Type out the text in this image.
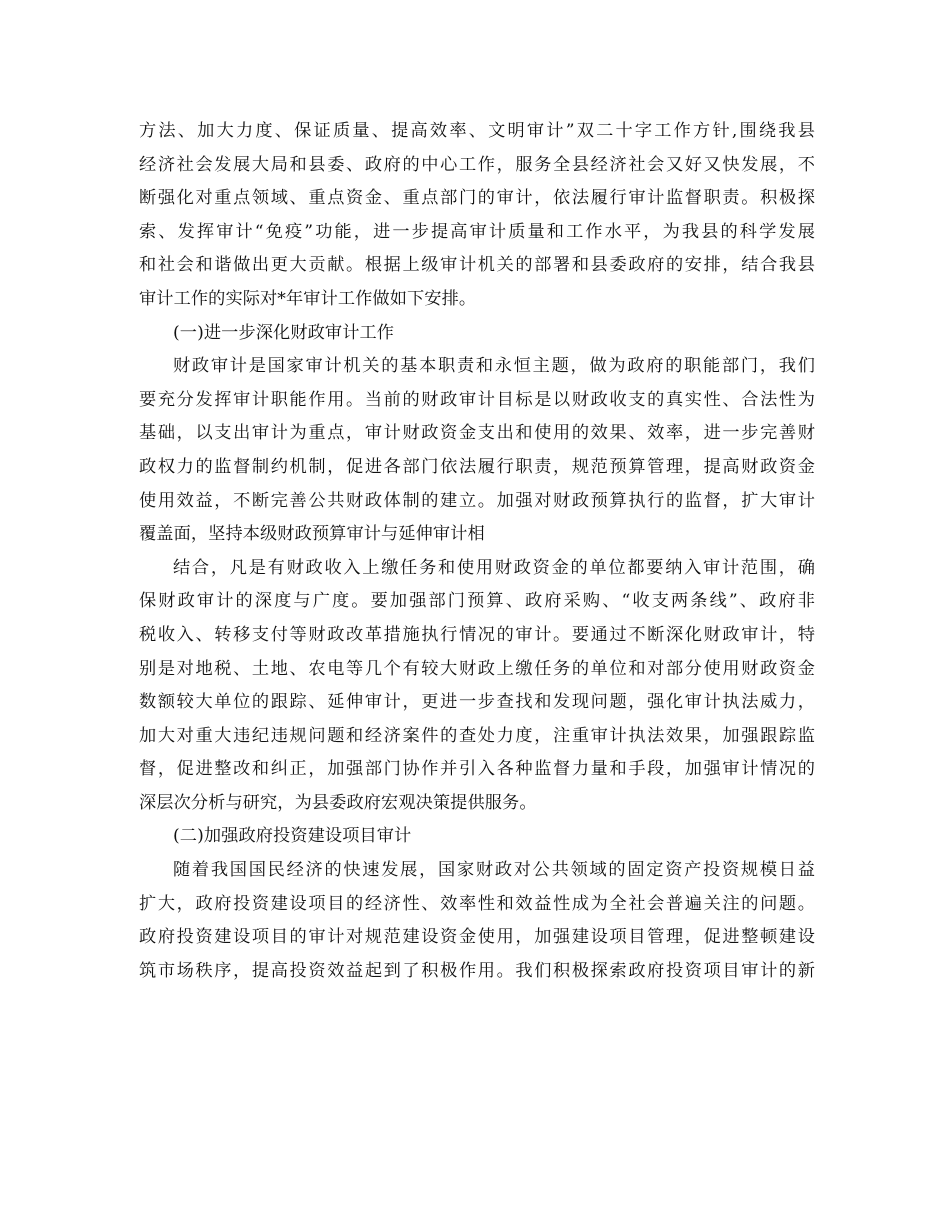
方法、加大力度、保证质量、提高效率、文明审计”双二十字工作方针,围绕我县
经济社会发展大局和县委、政府的中心工作，服务全县经济社会又好又快发展，不
断强化对重点领域、重点资金、重点部门的审计，依法履行审计监督职责。积极探
索、发挥审计“免疫”功能，进一步提高审计质量和工作水平，为我县的科学发展
和社会和谐做出更大贡献。根据上级审计机关的部署和县委政府的安排，结合我县
审计工作的实际对*年审计工作做如下安排。
(一)进一步深化财政审计工作
财政审计是国家审计机关的基本职责和永恒主题，做为政府的职能部门，我们
要充分发挥审计职能作用。当前的财政审计目标是以财政收支的真实性、合法性为
基础，以支出审计为重点，审计财政资金支出和使用的效果、效率，进一步完善财
政权力的监督制约机制，促进各部门依法履行职责，规范预算管理，提高财政资金
使用效益，不断完善公共财政体制的建立。加强对财政预算执行的监督，扩大审计
覆盖面，坚持本级财政预算审计与延伸审计相
结合，凡是有财政收入上缴任务和使用财政资金的单位都要纳入审计范围，确
保财政审计的深度与广度。要加强部门预算、政府采购、“收支两条线”、政府非
税收入、转移支付等财政改革措施执行情况的审计。要通过不断深化财政审计，特
别是对地税、土地、农电等几个有较大财政上缴任务的单位和对部分使用财政资金
数额较大单位的跟踪、延伸审计，更进一步查找和发现问题，强化审计执法威力，
加大对重大违纪违规问题和经济案件的查处力度，注重审计执法效果，加强跟踪监
督，促进整改和纠正，加强部门协作并引入各种监督力量和手段，加强审计情况的
深层次分析与研究，为县委政府宏观决策提供服务。
(二)加强政府投资建设项目审计
随着我国国民经济的快速发展，国家财政对公共领域的固定资产投资规模日益
扩大，政府投资建设项目的经济性、效率性和效益性成为全社会普遍关注的问题。
政府投资建设项目的审计对规范建设资金使用，加强建设项目管理，促进整顿建设
筑市场秩序，提高投资效益起到了积极作用。我们积极探索政府投资项目审计的新
